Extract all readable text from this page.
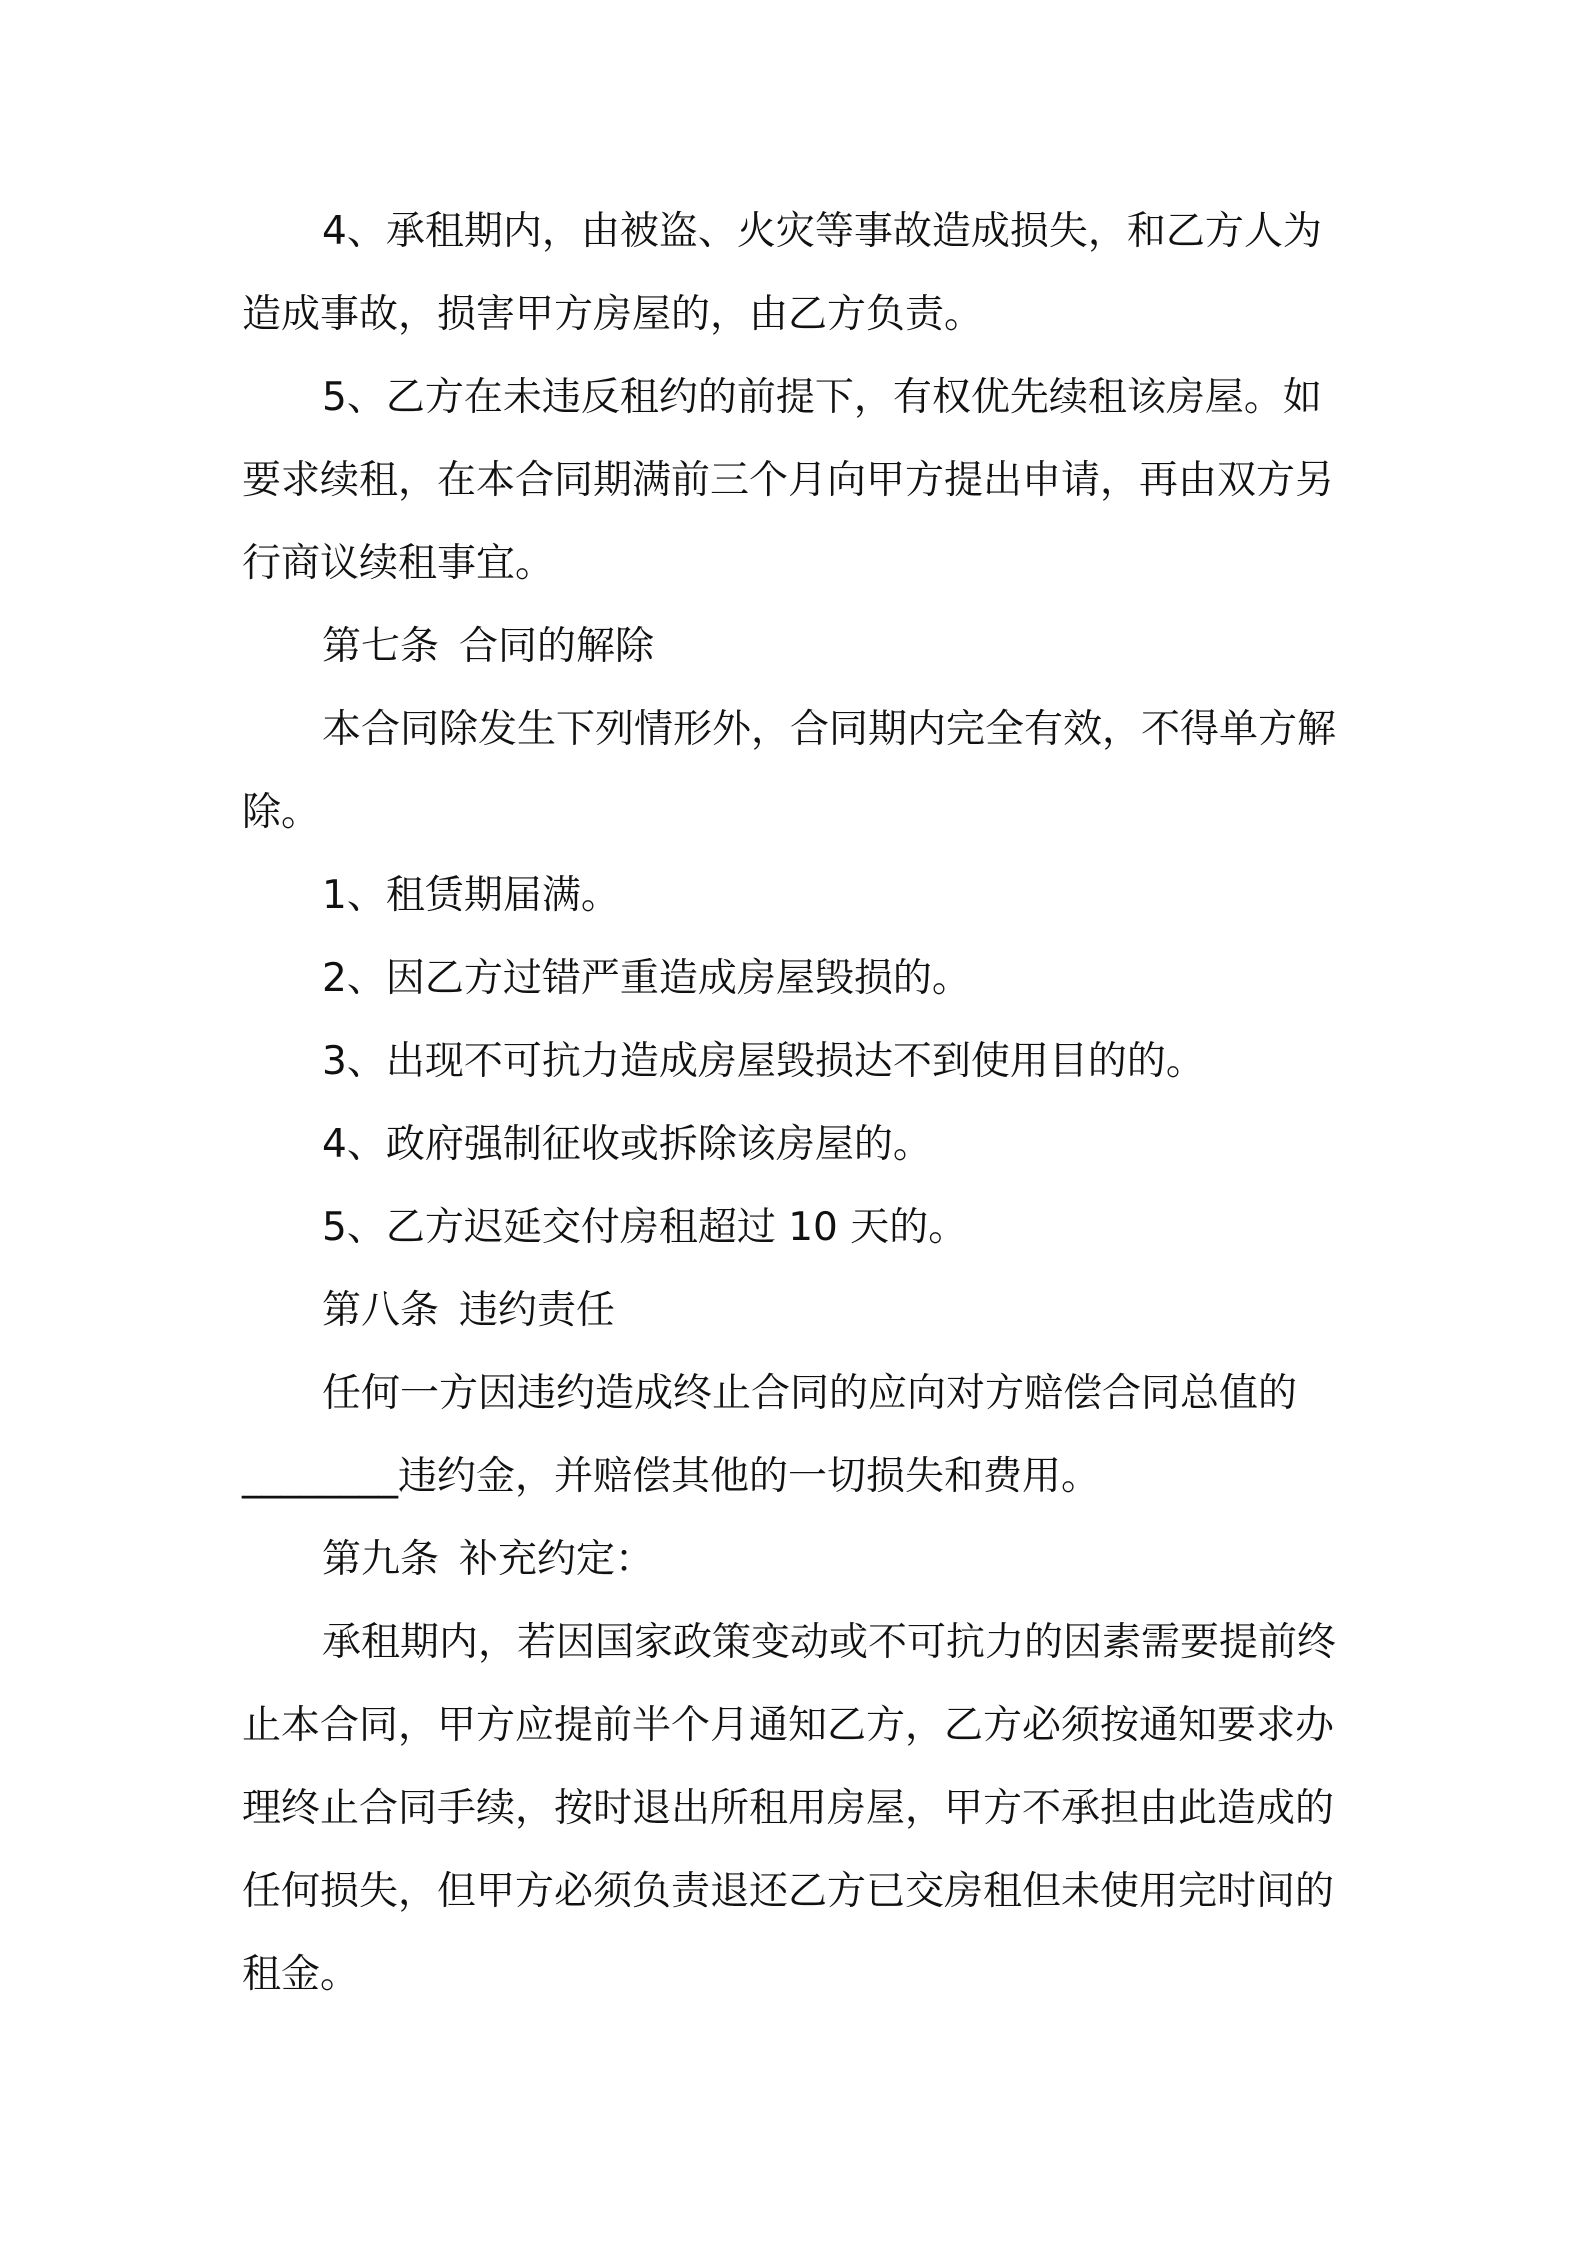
4、承租期内，由被盗、火灾等事故造成损失，和乙方人为造成事故，损害甲方房屋的，由乙方负责。

5、乙方在未违反租约的前提下，有权优先续租该房屋。如要求续租，在本合同期满前三个月向甲方提出申请，再由双方另行商议续租事宜。

第七条 合同的解除

本合同除发生下列情形外，合同期内完全有效，不得单方解除。

1、租赁期届满。

2、因乙方过错严重造成房屋毁损的。

3、出现不可抗力造成房屋毁损达不到使用目的的。

4、政府强制征收或拆除该房屋的。

5、乙方迟延交付房租超过 10 天的。

第八条 违约责任

任何一方因违约造成终止合同的应向对方赔偿合同总值的________违约金，并赔偿其他的一切损失和费用。

第九条 补充约定：

承租期内，若因国家政策变动或不可抗力的因素需要提前终止本合同，甲方应提前半个月通知乙方，乙方必须按通知要求办理终止合同手续，按时退出所租用房屋，甲方不承担由此造成的任何损失，但甲方必须负责退还乙方已交房租但未使用完时间的租金。
